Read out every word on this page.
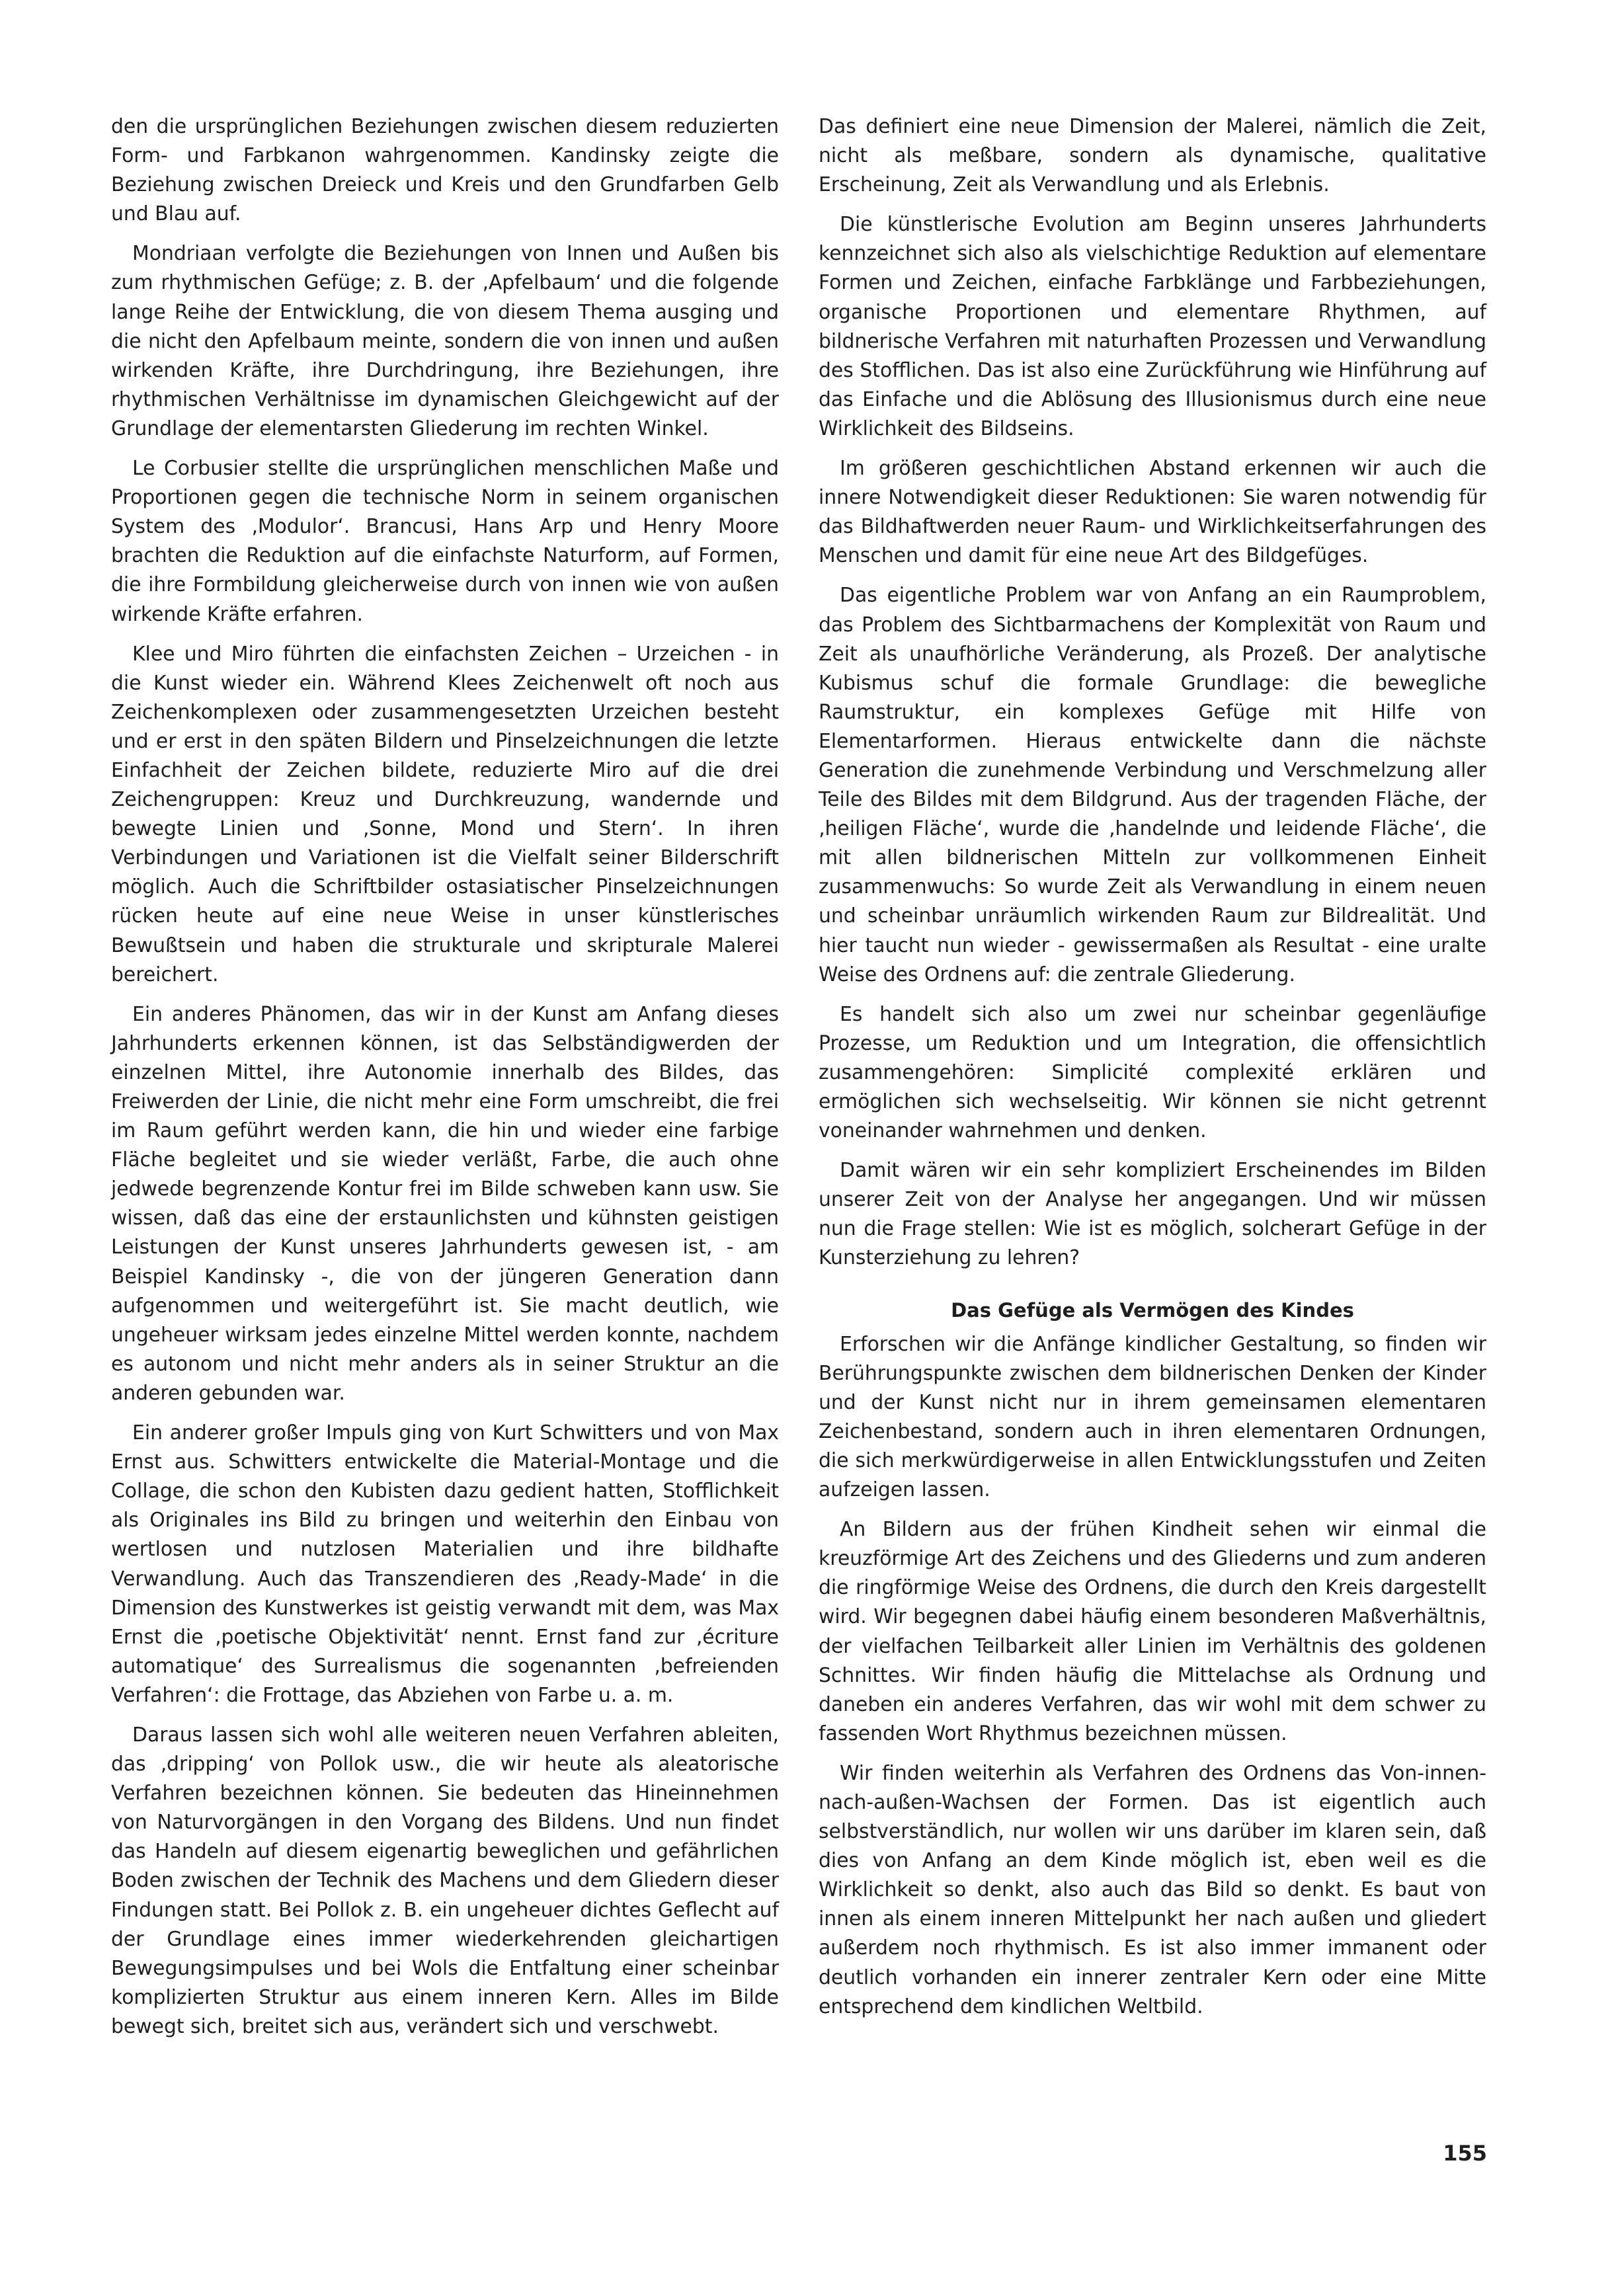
den die ursprünglichen Beziehungen zwischen diesem reduzierten Form- und Farbkanon wahrgenommen. Kandinsky zeigte die Beziehung zwischen Dreieck und Kreis und den Grundfarben Gelb und Blau auf.

Mondriaan verfolgte die Beziehungen von Innen und Außen bis zum rhythmischen Gefüge; z. B. der ‚Apfelbaum‘ und die folgende lange Reihe der Entwicklung, die von diesem Thema ausging und die nicht den Apfelbaum meinte, sondern die von innen und außen wirkenden Kräfte, ihre Durchdringung, ihre Beziehungen, ihre rhythmischen Verhältnisse im dynamischen Gleichgewicht auf der Grundlage der elementarsten Gliederung im rechten Winkel.

Le Corbusier stellte die ursprünglichen menschlichen Maße und Proportionen gegen die technische Norm in seinem organischen System des ‚Modulor‘. Brancusi, Hans Arp und Henry Moore brachten die Reduktion auf die einfachste Naturform, auf Formen, die ihre Formbildung gleicherweise durch von innen wie von außen wirkende Kräfte erfahren.

Klee und Miro führten die einfachsten Zeichen – Urzeichen - in die Kunst wieder ein. Während Klees Zeichenwelt oft noch aus Zeichenkomplexen oder zusammengesetzten Urzeichen besteht und er erst in den späten Bildern und Pinselzeichnungen die letzte Einfachheit der Zeichen bildete, reduzierte Miro auf die drei Zeichengruppen: Kreuz und Durchkreuzung, wandernde und bewegte Linien und ‚Sonne, Mond und Stern‘. In ihren Verbindungen und Variationen ist die Vielfalt seiner Bilderschrift möglich. Auch die Schriftbilder ostasiatischer Pinselzeichnungen rücken heute auf eine neue Weise in unser künstlerisches Bewußtsein und haben die strukturale und skripturale Malerei bereichert.

Ein anderes Phänomen, das wir in der Kunst am Anfang dieses Jahrhunderts erkennen können, ist das Selbständigwerden der einzelnen Mittel, ihre Autonomie innerhalb des Bildes, das Freiwerden der Linie, die nicht mehr eine Form umschreibt, die frei im Raum geführt werden kann, die hin und wieder eine farbige Fläche begleitet und sie wieder verläßt, Farbe, die auch ohne jedwede begrenzende Kontur frei im Bilde schweben kann usw. Sie wissen, daß das eine der erstaunlichsten und kühnsten geistigen Leistungen der Kunst unseres Jahrhunderts gewesen ist, - am Beispiel Kandinsky -, die von der jüngeren Generation dann aufgenommen und weitergeführt ist. Sie macht deutlich, wie ungeheuer wirksam jedes einzelne Mittel werden konnte, nachdem es autonom und nicht mehr anders als in seiner Struktur an die anderen gebunden war.

Ein anderer großer Impuls ging von Kurt Schwitters und von Max Ernst aus. Schwitters entwickelte die Material-Montage und die Collage, die schon den Kubisten dazu gedient hatten, Stofflichkeit als Originales ins Bild zu bringen und weiterhin den Einbau von wertlosen und nutzlosen Materialien und ihre bildhafte Verwandlung. Auch das Transzendieren des ‚Ready-Made‘ in die Dimension des Kunstwerkes ist geistig verwandt mit dem, was Max Ernst die ‚poetische Objektivität‘ nennt. Ernst fand zur ‚écriture automatique‘ des Surrealismus die sogenannten ‚befreienden Verfahren‘: die Frottage, das Abziehen von Farbe u. a. m.

Daraus lassen sich wohl alle weiteren neuen Verfahren ableiten, das ‚dripping‘ von Pollok usw., die wir heute als aleatorische Verfahren bezeichnen können. Sie bedeuten das Hineinnehmen von Naturvorgängen in den Vorgang des Bildens. Und nun findet das Handeln auf diesem eigenartig beweglichen und gefährlichen Boden zwischen der Technik des Machens und dem Gliedern dieser Findungen statt. Bei Pollok z. B. ein ungeheuer dichtes Geflecht auf der Grundlage eines immer wiederkehrenden gleichartigen Bewegungsimpulses und bei Wols die Entfaltung einer scheinbar komplizierten Struktur aus einem inneren Kern. Alles im Bilde bewegt sich, breitet sich aus, verändert sich und verschwebt.

Das definiert eine neue Dimension der Malerei, nämlich die Zeit, nicht als meßbare, sondern als dynamische, qualitative Erscheinung, Zeit als Verwandlung und als Erlebnis.

Die künstlerische Evolution am Beginn unseres Jahrhunderts kennzeichnet sich also als vielschichtige Reduktion auf elementare Formen und Zeichen, einfache Farbklänge und Farbbeziehungen, organische Proportionen und elementare Rhythmen, auf bildnerische Verfahren mit naturhaften Prozessen und Verwandlung des Stofflichen. Das ist also eine Zurückführung wie Hinführung auf das Einfache und die Ablösung des Illusionismus durch eine neue Wirklichkeit des Bildseins.

Im größeren geschichtlichen Abstand erkennen wir auch die innere Notwendigkeit dieser Reduktionen: Sie waren notwendig für das Bildhaftwerden neuer Raum- und Wirklichkeitserfahrungen des Menschen und damit für eine neue Art des Bildgefüges.

Das eigentliche Problem war von Anfang an ein Raumproblem, das Problem des Sichtbarmachens der Komplexität von Raum und Zeit als unaufhörliche Veränderung, als Prozeß. Der analytische Kubismus schuf die formale Grundlage: die bewegliche Raumstruktur, ein komplexes Gefüge mit Hilfe von Elementarformen. Hieraus entwickelte dann die nächste Generation die zunehmende Verbindung und Verschmelzung aller Teile des Bildes mit dem Bildgrund. Aus der tragenden Fläche, der ‚heiligen Fläche‘, wurde die ‚handelnde und leidende Fläche‘, die mit allen bildnerischen Mitteln zur vollkommenen Einheit zusammenwuchs: So wurde Zeit als Verwandlung in einem neuen und scheinbar unräumlich wirkenden Raum zur Bildrealität. Und hier taucht nun wieder - gewissermaßen als Resultat - eine uralte Weise des Ordnens auf: die zentrale Gliederung.

Es handelt sich also um zwei nur scheinbar gegenläufige Prozesse, um Reduktion und um Integration, die offensichtlich zusammengehören: Simplicité complexité erklären und ermöglichen sich wechselseitig. Wir können sie nicht getrennt voneinander wahrnehmen und denken.

Damit wären wir ein sehr kompliziert Erscheinendes im Bilden unserer Zeit von der Analyse her angegangen. Und wir müssen nun die Frage stellen: Wie ist es möglich, solcherart Gefüge in der Kunsterziehung zu lehren?

Das Gefüge als Vermögen des Kindes

Erforschen wir die Anfänge kindlicher Gestaltung, so finden wir Berührungspunkte zwischen dem bildnerischen Denken der Kinder und der Kunst nicht nur in ihrem gemeinsamen elementaren Zeichenbestand, sondern auch in ihren elementaren Ordnungen, die sich merkwürdigerweise in allen Entwicklungsstufen und Zeiten aufzeigen lassen.

An Bildern aus der frühen Kindheit sehen wir einmal die kreuzförmige Art des Zeichens und des Gliederns und zum anderen die ringförmige Weise des Ordnens, die durch den Kreis dargestellt wird. Wir begegnen dabei häufig einem besonderen Maßverhältnis, der vielfachen Teilbarkeit aller Linien im Verhältnis des goldenen Schnittes. Wir finden häufig die Mittelachse als Ordnung und daneben ein anderes Verfahren, das wir wohl mit dem schwer zu fassenden Wort Rhythmus bezeichnen müssen.

Wir finden weiterhin als Verfahren des Ordnens das Von-innen-nach-außen-Wachsen der Formen. Das ist eigentlich auch selbstverständlich, nur wollen wir uns darüber im klaren sein, daß dies von Anfang an dem Kinde möglich ist, eben weil es die Wirklichkeit so denkt, also auch das Bild so denkt. Es baut von innen als einem inneren Mittelpunkt her nach außen und gliedert außerdem noch rhythmisch. Es ist also immer immanent oder deutlich vorhanden ein innerer zentraler Kern oder eine Mitte entsprechend dem kindlichen Weltbild.

155
